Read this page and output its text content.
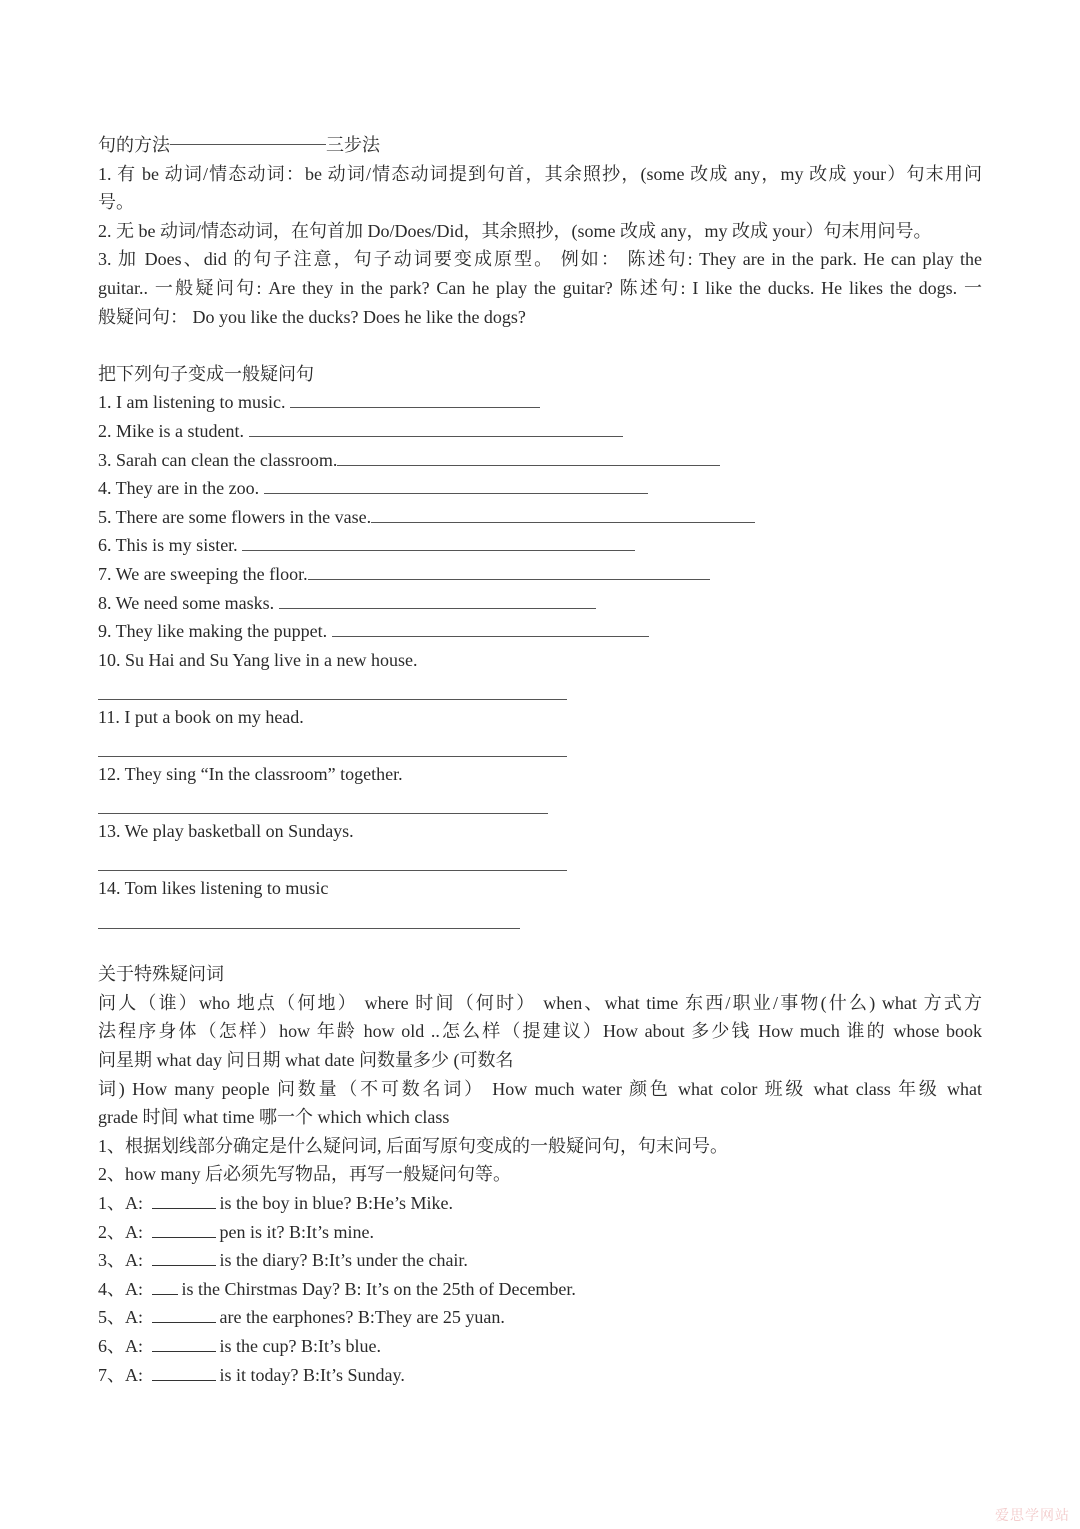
句的方法	三步法
1. 有 be 动词/情态动词：be 动词/情态动词提到句首，其余照抄，(some 改成 any，my 改成 your）句末用问
号。
2. 无 be 动词/情态动词，在句首加 Do/Does/Did，其余照抄，(some 改成 any，my 改成 your）句末用问号。
3. 加 Does、did 的句子注意，句子动词要变成原型。 例如： 陈述句: They are in the park. He can play the
guitar.. 一般疑问句: Are they in the park? Can he play the guitar? 陈述句: I like the ducks. He likes the dogs. 一
般疑问句： Do you like the ducks? Does he like the dogs?
把下列句子变成一般疑问句
1. I am listening to music.
2. Mike is a student.
3. Sarah can clean the classroom.
4. They are in the zoo.
5. There are some flowers in the vase.
6. This is my sister.
7. We are sweeping the floor.
8. We need some masks.
9. They like making the puppet.
10. Su Hai and Su Yang live in a new house.
11. I put a book on my head.
12. They sing “In the classroom” together.
13. We play basketball on Sundays.
14. Tom likes listening to music
关于特殊疑问词
问人（谁）who 地点（何地） where 时间（何时） when、what time 东西/职业/事物(什么) what 方式方
法程序身体（怎样）how 年龄 how old ..怎么样（提建议）How about 多少钱 How much 谁的 whose book
问星期 what day 问日期 what date 问数量多少 (可数名
词) How many people 问数量（不可数名词） How much water 颜色 what color 班级 what class 年级 what
grade 时间 what time 哪一个 which which class
1、根据划线部分确定是什么疑问词, 后面写原句变成的一般疑问句，句末问号。
2、how many 后必须先写物品，再写一般疑问句等。
1、A:	is the boy in blue? B:He’s Mike.
2、A:	pen is it? B:It’s mine.
3、A:	is the diary? B:It’s under the chair.
4、A: is the Chirstmas Day? B: It’s on the 25th of December.
5、A:	are the earphones? B:They are 25 yuan.
6、A:	is the cup? B:It’s blue.
7、A:	is it today? B:It’s Sunday.
爱思学网站
